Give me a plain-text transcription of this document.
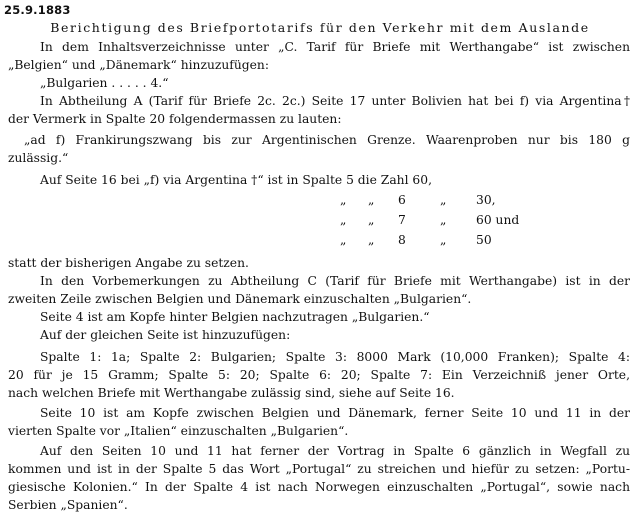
25.9.1883
Berichtigung des Briefportotarifs für den Verkehr mit dem Auslande
In dem Inhaltsverzeichnisse unter „C. Tarif für Briefe mit Werthangabe“ ist zwischen
„Belgien“ und „Dänemark“ hinzuzufügen:
„Bulgarien . . . . . 4.“
In Abtheilung A (Tarif für Briefe 2c. 2c.) Seite 17 unter Bolivien hat bei f) via Argentina†
der Vermerk in Spalte 20 folgendermassen zu lauten:
„ad f) Frankirungszwang bis zur Argentinischen Grenze. Waarenproben nur bis 180 g
zulässig.“
Auf Seite 16 bei „f) via Argentina †“ ist in Spalte 5 die Zahl 60,
„ „ 6	„ 30,
„ „ 7	„ 60 und
„ „ 8	„ 50
statt der bisherigen Angabe zu setzen.
In den Vorbemerkungen zu Abtheilung C (Tarif für Briefe mit Werthangabe) ist in der
zweiten Zeile zwischen Belgien und Dänemark einzuschalten „Bulgarien“.
Seite 4 ist am Kopfe hinter Belgien nachzutragen „Bulgarien.“
Auf der gleichen Seite ist hinzuzufügen:
Spalte 1: 1a; Spalte 2: Bulgarien; Spalte 3: 8000 Mark (10,000 Franken); Spalte 4:
20 für je 15 Gramm; Spalte 5: 20; Spalte 6: 20; Spalte 7: Ein Verzeichniß jener Orte,
nach welchen Briefe mit Werthangabe zulässig sind, siehe auf Seite 16.
Seite 10 ist am Kopfe zwischen Belgien und Dänemark, ferner Seite 10 und 11 in der
vierten Spalte vor „Italien“ einzuschalten „Bulgarien“.
Auf den Seiten 10 und 11 hat ferner der Vortrag in Spalte 6 gänzlich in Wegfall zu
kommen und ist in der Spalte 5 das Wort „Portugal“ zu streichen und hiefür zu setzen: „Portu-
giesische Kolonien.“ In der Spalte 4 ist nach Norwegen einzuschalten „Portugal“, sowie nach
Serbien „Spanien“.
